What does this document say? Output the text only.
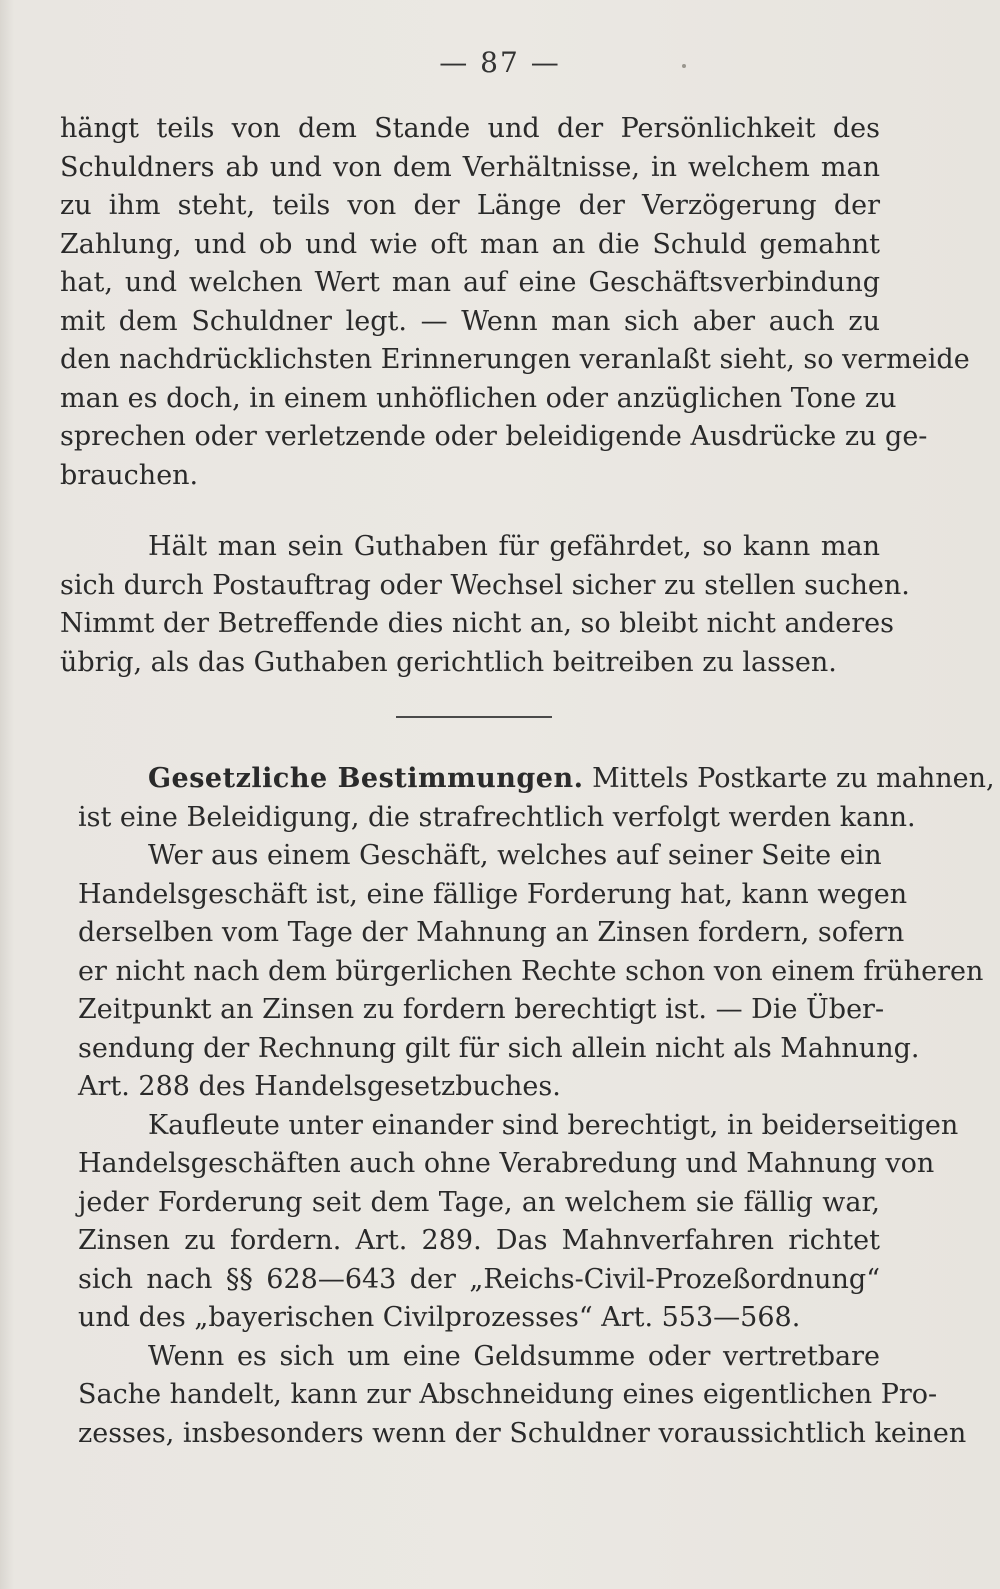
— 87 —
hängt teils von dem Stande und der Persönlichkeit des
Schuldners ab und von dem Verhältnisse, in welchem man
zu ihm steht, teils von der Länge der Verzögerung der
Zahlung, und ob und wie oft man an die Schuld gemahnt
hat, und welchen Wert man auf eine Geschäftsverbindung
mit dem Schuldner legt. — Wenn man sich aber auch zu
den nachdrücklichsten Erinnerungen veranlaßt sieht, so vermeide
man es doch, in einem unhöflichen oder anzüglichen Tone zu
sprechen oder verletzende oder beleidigende Ausdrücke zu ge-
brauchen.
Hält man sein Guthaben für gefährdet, so kann man
sich durch Postauftrag oder Wechsel sicher zu stellen suchen.
Nimmt der Betreffende dies nicht an, so bleibt nicht anderes
übrig, als das Guthaben gerichtlich beitreiben zu lassen.
Gesetzliche Bestimmungen. Mittels Postkarte zu mahnen,
ist eine Beleidigung, die strafrechtlich verfolgt werden kann.
Wer aus einem Geschäft, welches auf seiner Seite ein
Handelsgeschäft ist, eine fällige Forderung hat, kann wegen
derselben vom Tage der Mahnung an Zinsen fordern, sofern
er nicht nach dem bürgerlichen Rechte schon von einem früheren
Zeitpunkt an Zinsen zu fordern berechtigt ist. — Die Über-
sendung der Rechnung gilt für sich allein nicht als Mahnung.
Art. 288 des Handelsgesetzbuches.
Kaufleute unter einander sind berechtigt, in beiderseitigen
Handelsgeschäften auch ohne Verabredung und Mahnung von
jeder Forderung seit dem Tage, an welchem sie fällig war,
Zinsen zu fordern. Art. 289. Das Mahnverfahren richtet
sich nach §§ 628—643 der „Reichs-Civil-Prozeßordnung“
und des „bayerischen Civilprozesses“ Art. 553—568.
Wenn es sich um eine Geldsumme oder vertretbare
Sache handelt, kann zur Abschneidung eines eigentlichen Pro-
zesses, insbesonders wenn der Schuldner voraussichtlich keinen
